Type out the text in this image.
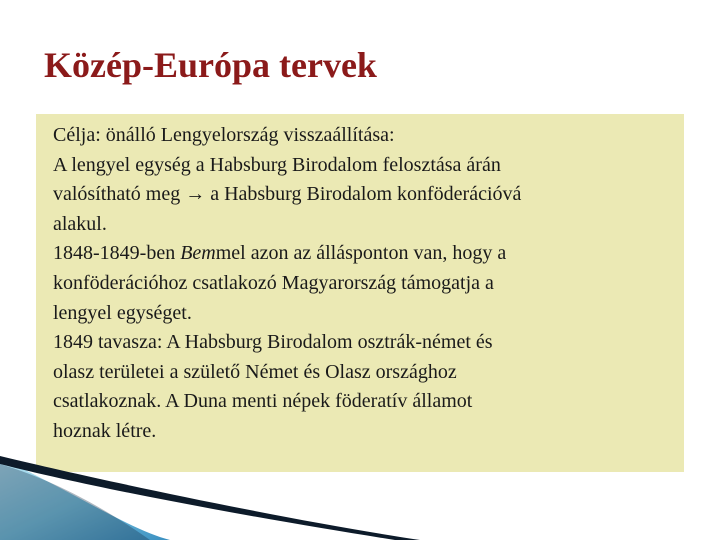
Közép-Európa tervek
Célja: önálló Lengyelország visszaállítása:
A lengyel egység a Habsburg Birodalom felosztása árán
valósítható meg → a Habsburg Birodalom konföderációvá
alakul.
1848-1849-ben Bemmel azon az állásponton van, hogy a
konföderációhoz csatlakozó Magyarország támogatja a
lengyel egységet.
1849 tavasza: A Habsburg Birodalom osztrák-német és
olasz területei a születő Német és Olasz országhoz
csatlakoznak. A Duna menti népek föderatív államot
hoznak létre.
